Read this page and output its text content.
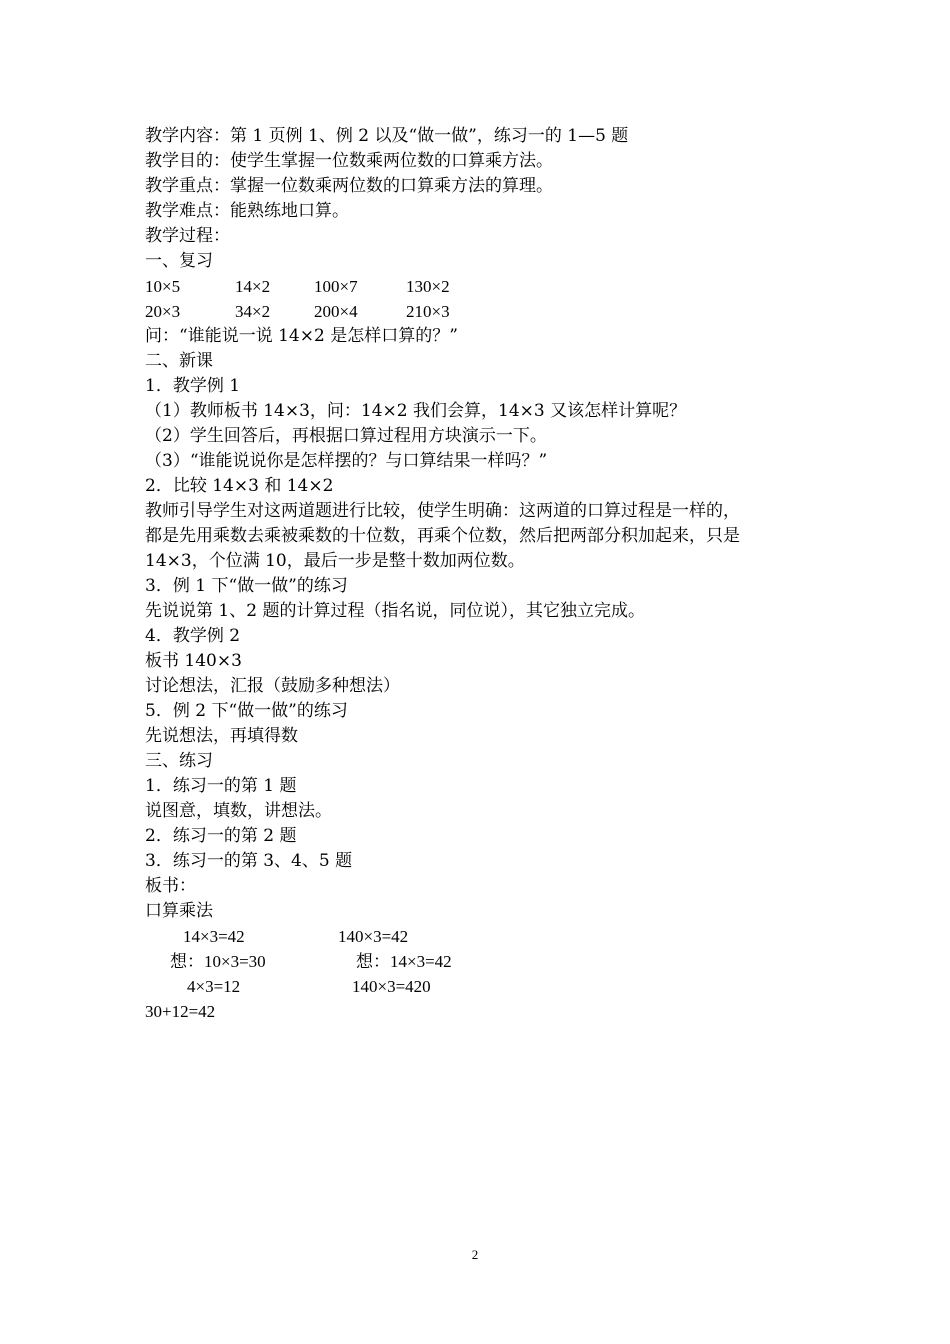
教学内容：第 1 页例 1、例 2 以及“做一做”，练习一的 1—5 题
教学目的：使学生掌握一位数乘两位数的口算乘方法。
教学重点：掌握一位数乘两位数的口算乘方法的算理。
教学难点：能熟练地口算。
教学过程：
一、复习
10×5	14×2	100×7	130×2
20×3	34×2	200×4	210×3
问：“谁能说一说 14×2 是怎样口算的？”
二、新课
1．教学例 1
（1）教师板书 14×3，问：14×2 我们会算，14×3 又该怎样计算呢？
（2）学生回答后，再根据口算过程用方块演示一下。
（3）“谁能说说你是怎样摆的？与口算结果一样吗？”
2．比较 14×3 和 14×2
教师引导学生对这两道题进行比较，使学生明确：这两道的口算过程是一样的，
都是先用乘数去乘被乘数的十位数，再乘个位数，然后把两部分积加起来，只是
14×3，个位满 10，最后一步是整十数加两位数。
3．例 1 下“做一做”的练习
先说说第 1、2 题的计算过程（指名说，同位说），其它独立完成。
4．教学例 2
板书 140×3
讨论想法，汇报（鼓励多种想法）
5．例 2 下“做一做”的练习
先说想法，再填得数
三、练习
1．练习一的第 1 题
说图意，填数，讲想法。
2．练习一的第 2 题
3．练习一的第 3、4、5 题
板书：
口算乘法
14×3=42	140×3=42
想：10×3=30	想：14×3=42
4×3=12	140×3=420
30+12=42
2
